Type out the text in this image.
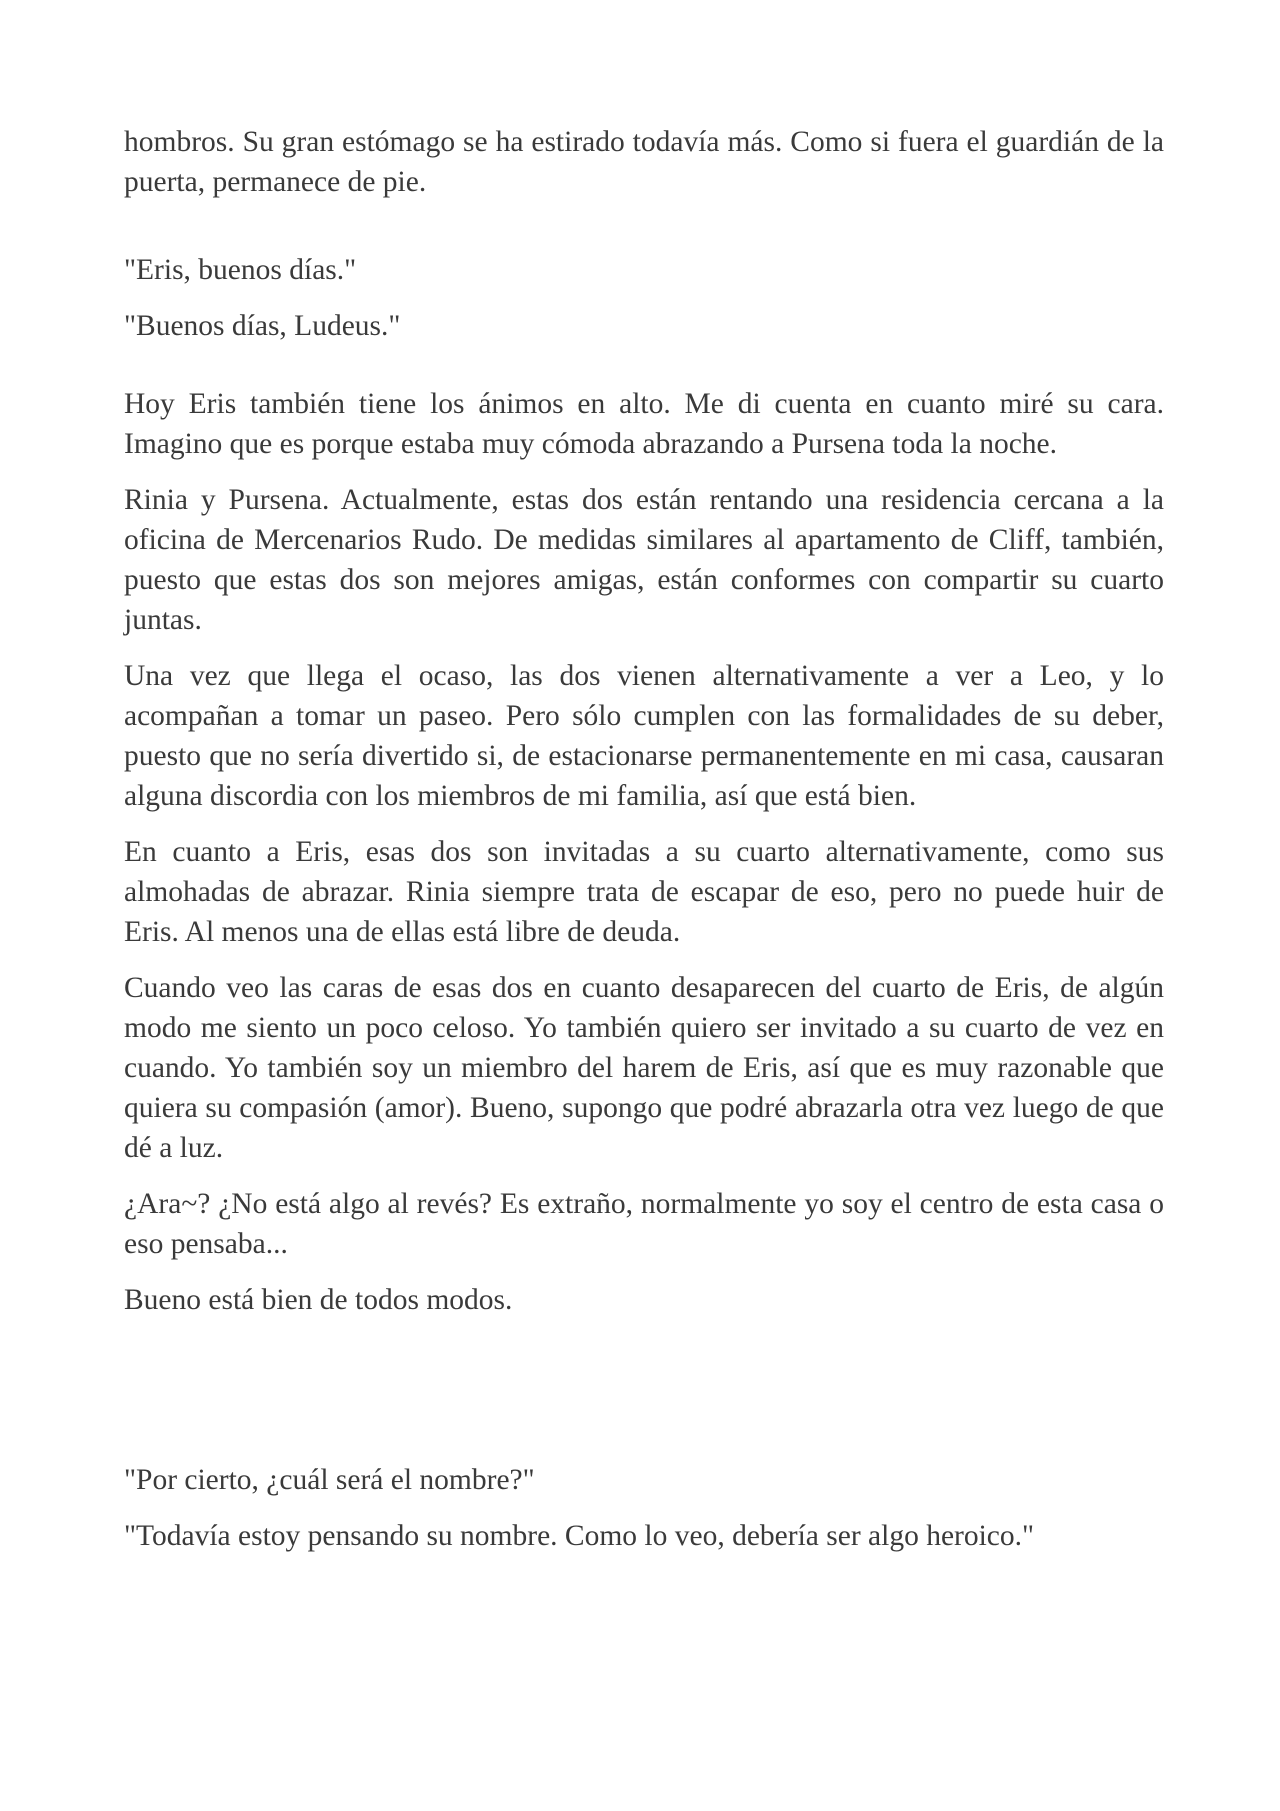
hombros. Su gran estómago se ha estirado todavía más. Como si fuera el guardián de la puerta, permanece de pie.

"Eris, buenos días."

"Buenos días, Ludeus."

Hoy Eris también tiene los ánimos en alto. Me di cuenta en cuanto miré su cara. Imagino que es porque estaba muy cómoda abrazando a Pursena toda la noche.

Rinia y Pursena. Actualmente, estas dos están rentando una residencia cercana a la oficina de Mercenarios Rudo. De medidas similares al apartamento de Cliff, también, puesto que estas dos son mejores amigas, están conformes con compartir su cuarto juntas.

Una vez que llega el ocaso, las dos vienen alternativamente a ver a Leo, y lo acompañan a tomar un paseo. Pero sólo cumplen con las formalidades de su deber, puesto que no sería divertido si, de estacionarse permanentemente en mi casa, causaran alguna discordia con los miembros de mi familia, así que está bien.

En cuanto a Eris, esas dos son invitadas a su cuarto alternativamente, como sus almohadas de abrazar. Rinia siempre trata de escapar de eso, pero no puede huir de Eris. Al menos una de ellas está libre de deuda.

Cuando veo las caras de esas dos en cuanto desaparecen del cuarto de Eris, de algún modo me siento un poco celoso. Yo también quiero ser invitado a su cuarto de vez en cuando. Yo también soy un miembro del harem de Eris, así que es muy razonable que quiera su compasión (amor). Bueno, supongo que podré abrazarla otra vez luego de que dé a luz.

¿Ara~? ¿No está algo al revés? Es extraño, normalmente yo soy el centro de esta casa o eso pensaba...

Bueno está bien de todos modos.

"Por cierto, ¿cuál será el nombre?"

"Todavía estoy pensando su nombre. Como lo veo, debería ser algo heroico."
